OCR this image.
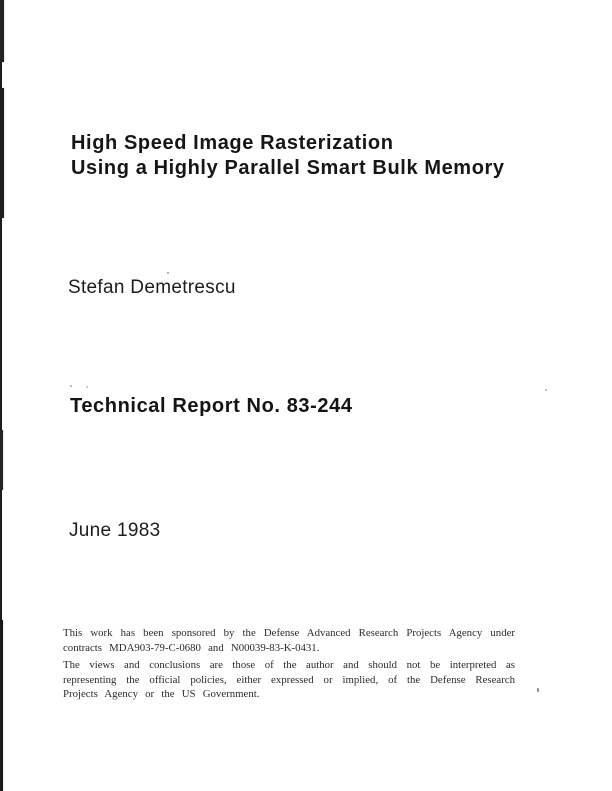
High Speed Image Rasterization
Using a Highly Parallel Smart Bulk Memory
Stefan Demetrescu
Technical Report No. 83-244
June 1983

This work has been sponsored by the Defense Advanced Research Projects Agency under
contracts MDA903-79-C-0680 and N00039-83-K-0431.

The views and conclusions are those of the author and should not be interpreted as
representing the official policies, either expressed or implied, of the Defense Research
Projects Agency or the US Government.
